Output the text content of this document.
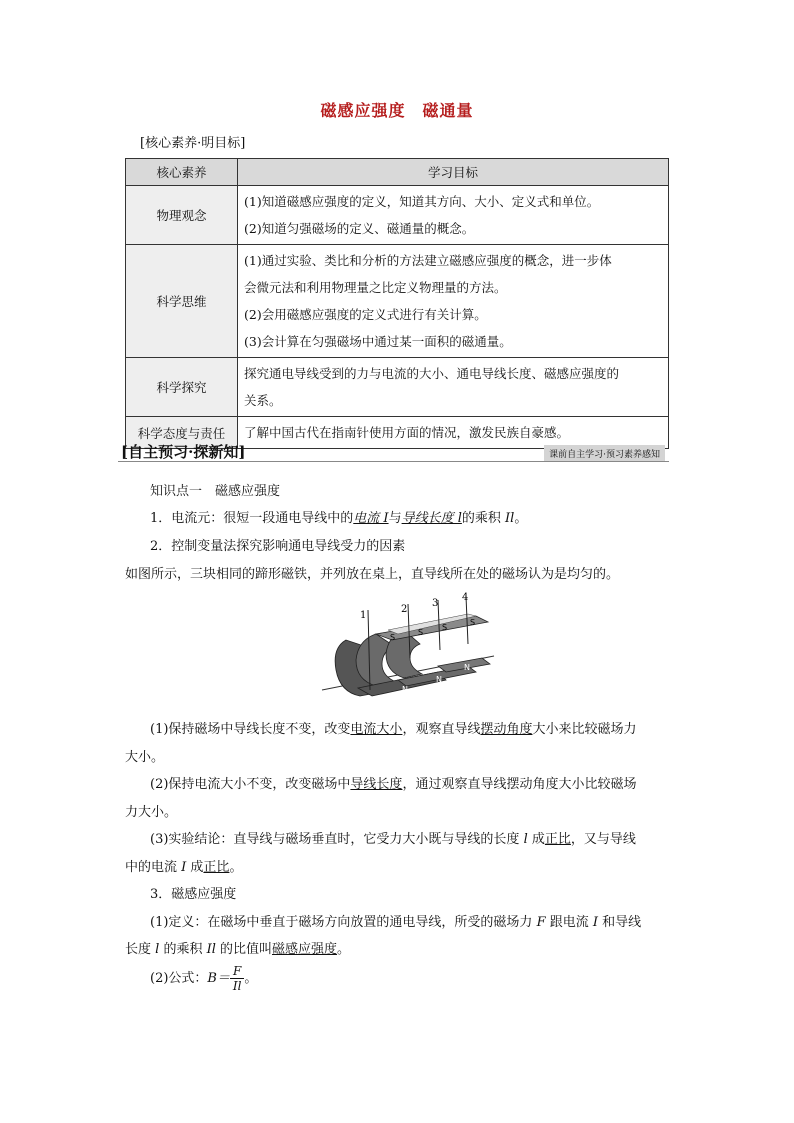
磁感应强度　磁通量
[核心素养·明目标]
核心素养	学习目标
物理观念	(1)知道磁感应强度的定义，知道其方向、大小、定义式和单位。
(2)知道匀强磁场的定义、磁通量的概念。

科学思维	(1)通过实验、类比和分析的方法建立磁感应强度的概念，进一步体
会微元法和利用物理量之比定义物理量的方法。
(2)会用磁感应强度的定义式进行有关计算。
(3)会计算在匀强磁场中通过某一面积的磁通量。

科学探究	探究通电导线受到的力与电流的大小、通电导线长度、磁感应强度的
关系。

科学态度与责任	了解中国古代在指南针使用方面的情况，激发民族自豪感。
[自主预习·探新知]	课前自主学习·预习素养感知
知识点一　磁感应强度
1．电流元：很短一段通电导线中的电流 I与导线长度 l的乘积 Il。
2．控制变量法探究影响通电导线受力的因素
如图所示，三块相同的蹄形磁铁，并列放在桌上，直导线所在处的磁场认为是均匀的。
1
2
3
4
S
S
S
S
N
N
N
(1)保持磁场中导线长度不变，改变电流大小，观察直导线摆动角度大小来比较磁场力
大小。
(2)保持电流大小不变，改变磁场中导线长度，通过观察直导线摆动角度大小比较磁场
力大小。
(3)实验结论：直导线与磁场垂直时，它受力大小既与导线的长度 l 成正比，又与导线
中的电流 I 成正比。
3．磁感应强度
(1)定义：在磁场中垂直于磁场方向放置的通电导线，所受的磁场力 F 跟电流 I 和导线
长度 l 的乘积 Il 的比值叫磁感应强度。
(2)公式：$B= \frac{F}{Il}$ 。
